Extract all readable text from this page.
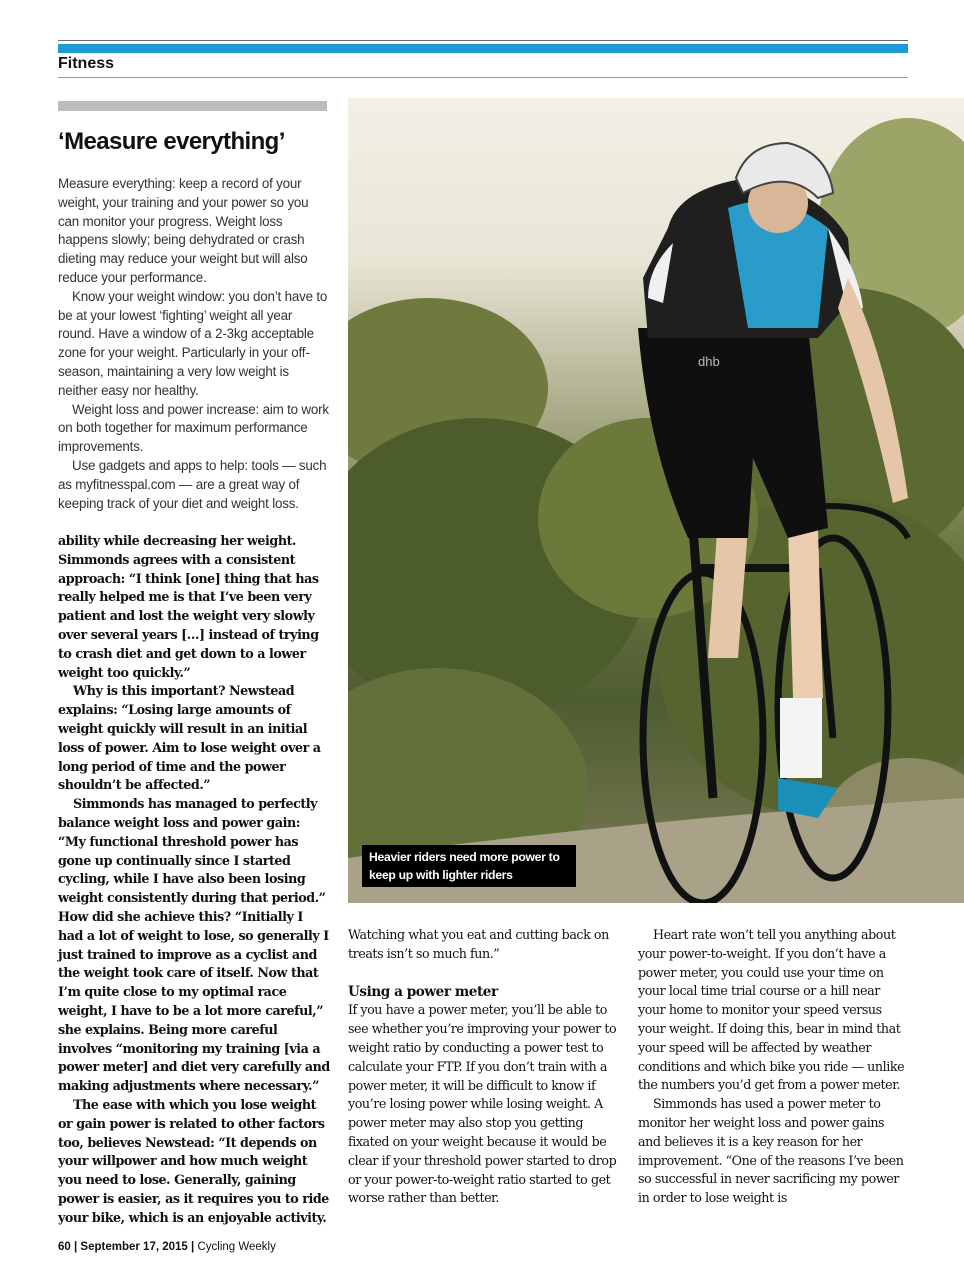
Fitness
‘Measure everything’

Measure everything: keep a record of your weight, your training and your power so you can monitor your progress. Weight loss happens slowly; being dehydrated or crash dieting may reduce your weight but will also reduce your performance.

Know your weight window: you don’t have to be at your lowest ‘fighting’ weight all year round. Have a window of a 2-3kg acceptable zone for your weight. Particularly in your off-season, maintaining a very low weight is neither easy nor healthy.

Weight loss and power increase: aim to work on both together for maximum performance improvements.

Use gadgets and apps to help: tools — such as myfitnesspal.com — are a great way of keeping track of your diet and weight loss.

ability while decreasing her weight. Simmonds agrees with a consistent approach: “I think [one] thing that has really helped me is that I’ve been very patient and lost the weight very slowly over several years […] instead of trying to crash diet and get down to a lower weight too quickly.”

Why is this important? Newstead explains: “Losing large amounts of weight quickly will result in an initial loss of power. Aim to lose weight over a long period of time and the power shouldn’t be affected.”

Simmonds has managed to perfectly balance weight loss and power gain: “My functional threshold power has gone up continually since I started cycling, while I have also been losing weight consistently during that period.” How did she achieve this? “Initially I had a lot of weight to lose, so generally I just trained to improve as a cyclist and the weight took care of itself. Now that I’m quite close to my optimal race weight, I have to be a lot more careful,” she explains. Being more careful involves “monitoring my training [via a power meter] and diet very carefully and making adjustments where necessary.”

The ease with which you lose weight or gain power is related to other factors too, believes Newstead: “It depends on your willpower and how much weight you need to lose. Generally, gaining power is easier, as it requires you to ride your bike, which is an enjoyable activity.

dhb
Heavier riders need more power to keep up with lighter riders

Watching what you eat and cutting back on treats isn’t so much fun.”

Using a power meter

If you have a power meter, you’ll be able to see whether you’re improving your power to weight ratio by conducting a power test to calculate your FTP. If you don’t train with a power meter, it will be difficult to know if you’re losing power while losing weight. A power meter may also stop you getting fixated on your weight because it would be clear if your threshold power started to drop or your power-to-weight ratio started to get worse rather than better.

Heart rate won’t tell you anything about your power-to-weight. If you don’t have a power meter, you could use your time on your local time trial course or a hill near your home to monitor your speed versus your weight. If doing this, bear in mind that your speed will be affected by weather conditions and which bike you ride — unlike the numbers you’d get from a power meter.

Simmonds has used a power meter to monitor her weight loss and power gains and believes it is a key reason for her improvement. “One of the reasons I’ve been so successful in never sacrificing my power in order to lose weight is

60 | September 17, 2015 | Cycling Weekly
